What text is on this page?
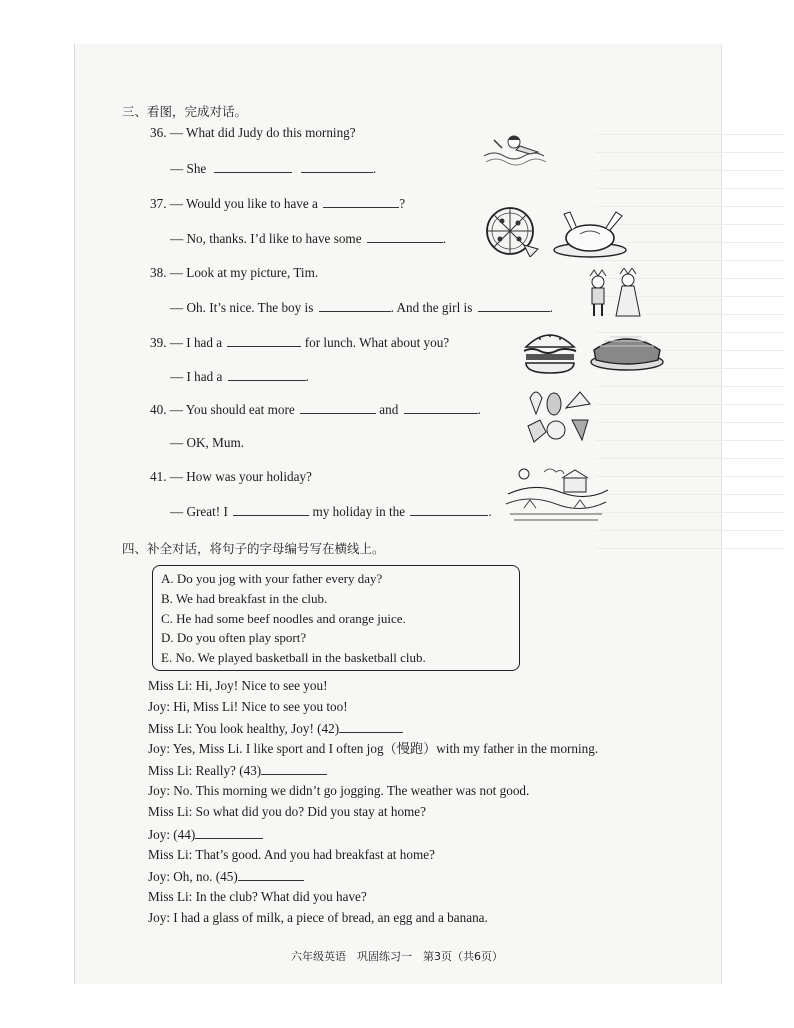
三、看图，完成对话。
36. — What did Judy do this morning?
— She	.
37. — Would you like to have a	?
— No, thanks. I’d like to have some	.
38. — Look at my picture, Tim.
— Oh. It’s nice. The boy is	. And the girl is	.
39. — I had a	for lunch. What about you?
— I had a	.
40. — You should eat more	and	.
— OK, Mum.
41. — How was your holiday?
— Great! I	my holiday in the	.
四、补全对话，将句子的字母编号写在横线上。
A. Do you jog with your father every day?
B. We had breakfast in the club.
C. He had some beef noodles and orange juice.
D. Do you often play sport?
E. No. We played basketball in the basketball club.
Miss Li: Hi, Joy! Nice to see you!
Joy: Hi, Miss Li! Nice to see you too!
Miss Li: You look healthy, Joy! (42)
Joy: Yes, Miss Li. I like sport and I often jog（慢跑）with my father in the morning.
Miss Li: Really? (43)
Joy: No. This morning we didn’t go jogging. The weather was not good.
Miss Li: So what did you do? Did you stay at home?
Joy: (44)
Miss Li: That’s good. And you had breakfast at home?
Joy: Oh, no. (45)
Miss Li: In the club? What did you have?
Joy: I had a glass of milk, a piece of bread, an egg and a banana.
六年级英语　巩固练习一　第3页（共6页）
